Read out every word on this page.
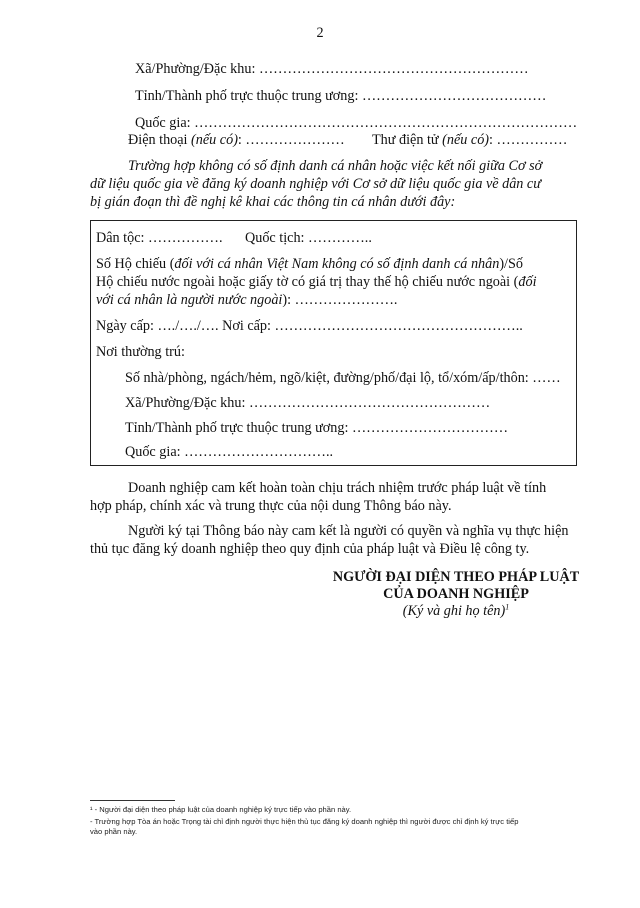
2
Xã/Phường/Đặc khu: …………………………………………………
Tỉnh/Thành phố trực thuộc trung ương: …………………………………
Quốc gia: ………………………………………………………………………
Điện thoại (nếu có): ………………… Thư điện tử (nếu có): ……………
Trường hợp không có số định danh cá nhân hoặc việc kết nối giữa Cơ sở
dữ liệu quốc gia về đăng ký doanh nghiệp với Cơ sở dữ liệu quốc gia về dân cư
bị gián đoạn thì đề nghị kê khai các thông tin cá nhân dưới đây:
Dân tộc: ……………. Quốc tịch: …………..
Số Hộ chiếu (đối với cá nhân Việt Nam không có số định danh cá nhân)/Số
Hộ chiếu nước ngoài hoặc giấy tờ có giá trị thay thế hộ chiếu nước ngoài (đối
với cá nhân là người nước ngoài): ………………….
Ngày cấp: …./…./…. Nơi cấp: ……………………………………………..
Nơi thường trú:
Số nhà/phòng, ngách/hẻm, ngõ/kiệt, đường/phố/đại lộ, tổ/xóm/ấp/thôn: ……
Xã/Phường/Đặc khu: ……………………………………………
Tỉnh/Thành phố trực thuộc trung ương: ……………………………
Quốc gia: …………………………..
Doanh nghiệp cam kết hoàn toàn chịu trách nhiệm trước pháp luật về tính
hợp pháp, chính xác và trung thực của nội dung Thông báo này.
Người ký tại Thông báo này cam kết là người có quyền và nghĩa vụ thực hiện
thủ tục đăng ký doanh nghiệp theo quy định của pháp luật và Điều lệ công ty.
NGƯỜI ĐẠI DIỆN THEO PHÁP LUẬT
CỦA DOANH NGHIỆP
(Ký và ghi họ tên)$^1$
¹ - Người đại diện theo pháp luật của doanh nghiệp ký trực tiếp vào phần này.
- Trường hợp Tòa án hoặc Trọng tài chỉ định người thực hiện thủ tục đăng ký doanh nghiệp thì người được chỉ định ký trực tiếp
vào phần này.
